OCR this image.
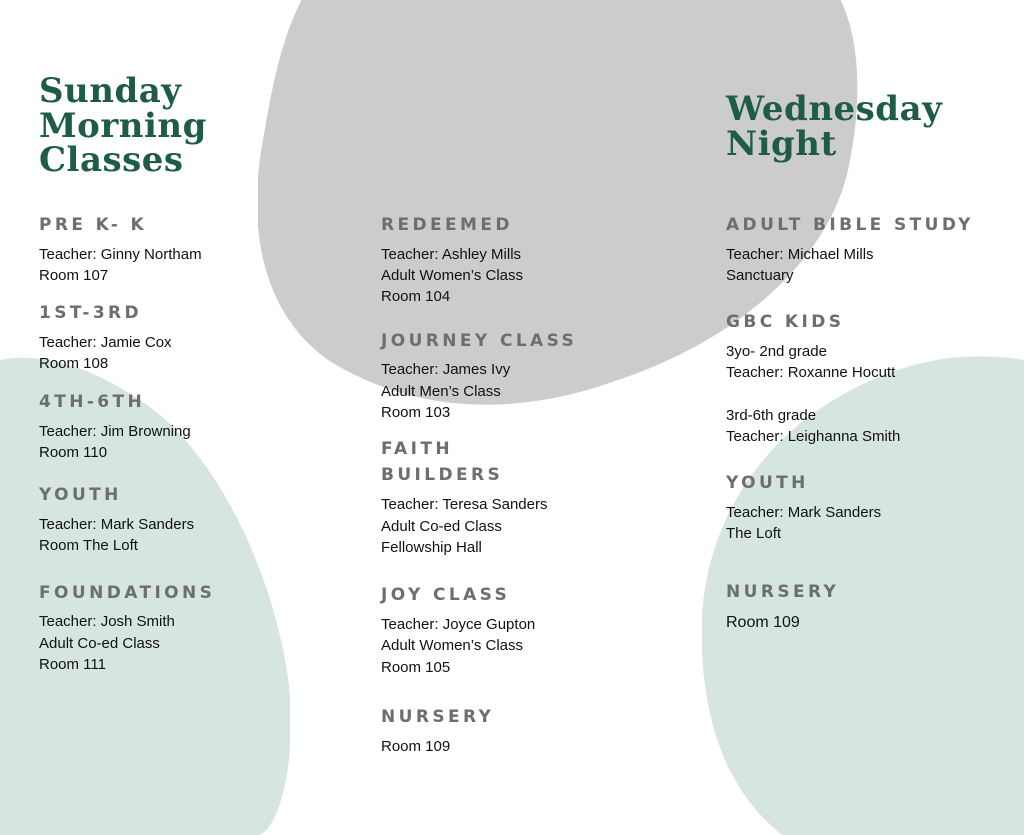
Sunday
Morning
Classes
Wednesday
Night
PRE K- K

Teacher: Ginny Northam

Room 107

1ST-3RD

Teacher: Jamie Cox

Room 108

4TH-6TH

Teacher: Jim Browning

Room 110

YOUTH

Teacher: Mark Sanders

Room The Loft

FOUNDATIONS

Teacher: Josh Smith

Adult Co-ed Class

Room 111

REDEEMED

Teacher: Ashley Mills

Adult Women’s Class

Room 104

JOURNEY CLASS

Teacher: James Ivy

Adult Men’s Class

Room 103

FAITH
BUILDERS

Teacher: Teresa Sanders

Adult Co-ed Class

Fellowship Hall

JOY CLASS

Teacher: Joyce Gupton

Adult Women’s Class

Room 105

NURSERY

Room 109

ADULT BIBLE STUDY

Teacher: Michael Mills

Sanctuary

GBC KIDS

3yo- 2nd grade

Teacher: Roxanne Hocutt

3rd-6th grade

Teacher: Leighanna Smith

YOUTH

Teacher: Mark Sanders

The Loft

NURSERY

Room 109
